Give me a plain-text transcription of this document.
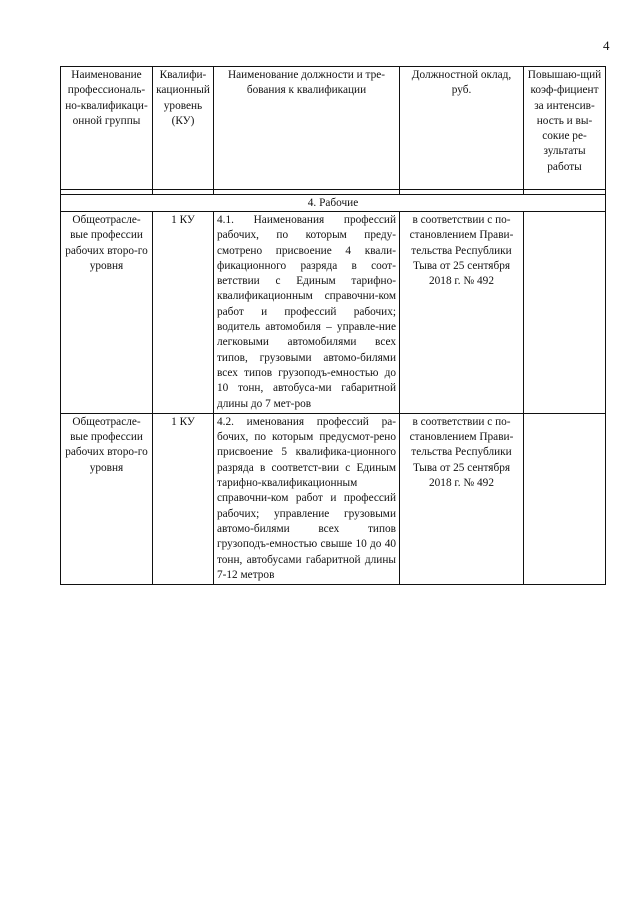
4
Наименование профессиональ-но-квалификаци-онной группы	Квалифи-кационный уровень (КУ)	Наименование должности и тре-бования к квалификации	Должностной оклад, руб.	Повышаю-щий коэф-фициент за интенсив-ность и вы-сокие ре-зультаты работы

4. Рабочие				
Общеотрасле-вые профессии рабочих второ-го уровня	1 КУ	4.1. Наименования профессий рабочих, по которым преду-смотрено присвоение 4 квали-фикационного разряда в соот-ветствии с Единым тарифно-квалификационным справочни-ком работ и профессий рабочих; водитель автомобиля – управле-ние легковыми автомобилями всех типов, грузовыми автомо-билями всех типов грузоподъ-емностью до 10 тонн, автобуса-ми габаритной длины до 7 мет-ров	в соответствии с по-становлением Прави-тельства Республики Тыва от 25 сентября 2018 г. № 492	
Общеотрасле-вые профессии рабочих второ-го уровня	1 КУ	4.2. именования профессий ра-бочих, по которым предусмот-рено присвоение 5 квалифика-ционного разряда в соответст-вии с Единым тарифно-квалификационным справочни-ком работ и профессий рабочих; управление грузовыми автомо-билями всех типов грузоподъ-емностью свыше 10 до 40 тонн, автобусами габаритной длины 7-12 метров	в соответствии с по-становлением Прави-тельства Республики Тыва от 25 сентября 2018 г. № 492	
